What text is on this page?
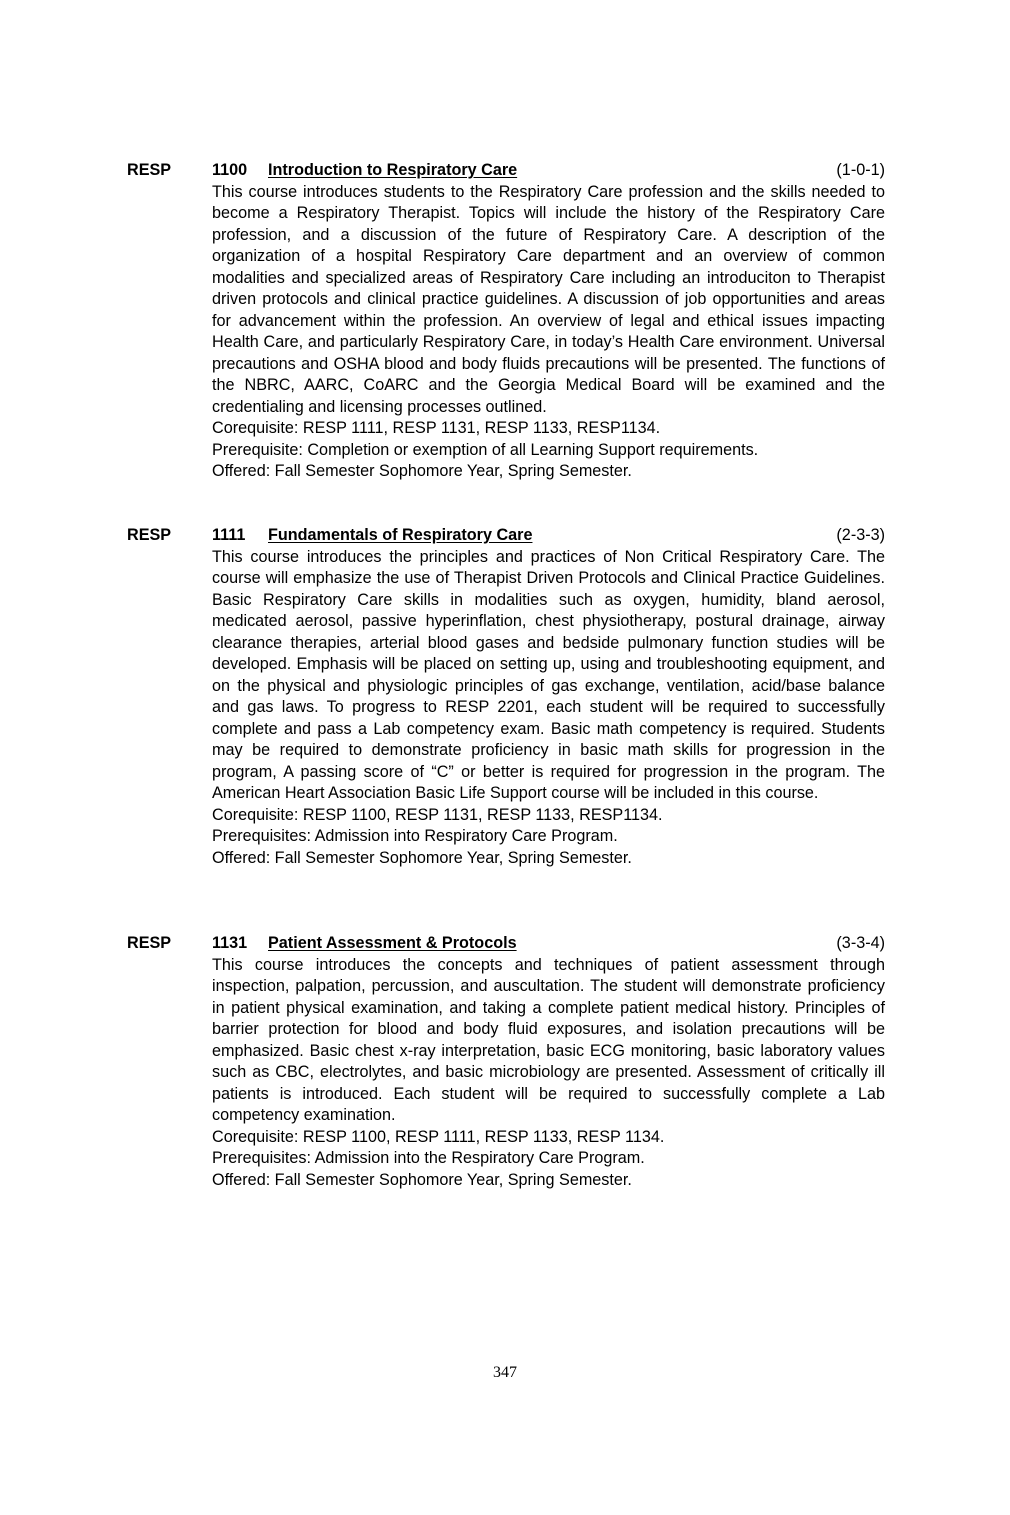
RESP	1100 Introduction to Respiratory Care	(1-0-1)

This course introduces students to the Respiratory Care profession and the skills needed to become a Respiratory Therapist. Topics will include the history of the Respiratory Care profession, and a discussion of the future of Respiratory Care. A description of the organization of a hospital Respiratory Care department and an overview of common modalities and specialized areas of Respiratory Care including an introduciton to Therapist driven protocols and clinical practice guidelines. A discussion of job opportunities and areas for advancement within the profession. An overview of legal and ethical issues impacting Health Care, and particularly Respiratory Care, in today’s Health Care environment. Universal precautions and OSHA blood and body fluids precautions will be presented. The functions of the NBRC, AARC, CoARC and the Georgia Medical Board will be examined and the credentialing and licensing processes outlined.

Corequisite: RESP 1111, RESP 1131, RESP 1133, RESP1134.

Prerequisite: Completion or exemption of all Learning Support requirements.

Offered: Fall Semester Sophomore Year, Spring Semester.

RESP	1111 Fundamentals of Respiratory Care	(2-3-3)

This course introduces the principles and practices of Non Critical Respiratory Care. The course will emphasize the use of Therapist Driven Protocols and Clinical Practice Guidelines. Basic Respiratory Care skills in modalities such as oxygen, humidity, bland aerosol, medicated aerosol, passive hyperinflation, chest physiotherapy, postural drainage, airway clearance therapies, arterial blood gases and bedside pulmonary function studies will be developed. Emphasis will be placed on setting up, using and troubleshooting equipment, and on the physical and physiologic principles of gas exchange, ventilation, acid/base balance and gas laws. To progress to RESP 2201, each student will be required to successfully complete and pass a Lab competency exam. Basic math competency is required. Students may be required to demonstrate proficiency in basic math skills for progression in the program, A passing score of “C” or better is required for progression in the program. The American Heart Association Basic Life Support course will be included in this course.

Corequisite: RESP 1100, RESP 1131, RESP 1133, RESP1134.

Prerequisites: Admission into Respiratory Care Program.

Offered: Fall Semester Sophomore Year, Spring Semester.

RESP	1131 Patient Assessment & Protocols	(3-3-4)

This course introduces the concepts and techniques of patient assessment through inspection, palpation, percussion, and auscultation. The student will demonstrate proficiency in patient physical examination, and taking a complete patient medical history. Principles of barrier protection for blood and body fluid exposures, and isolation precautions will be emphasized. Basic chest x-ray interpretation, basic ECG monitoring, basic laboratory values such as CBC, electrolytes, and basic microbiology are presented. Assessment of critically ill patients is introduced. Each student will be required to successfully complete a Lab competency examination.

Corequisite: RESP 1100, RESP 1111, RESP 1133, RESP 1134.

Prerequisites: Admission into the Respiratory Care Program.

Offered: Fall Semester Sophomore Year, Spring Semester.

347
